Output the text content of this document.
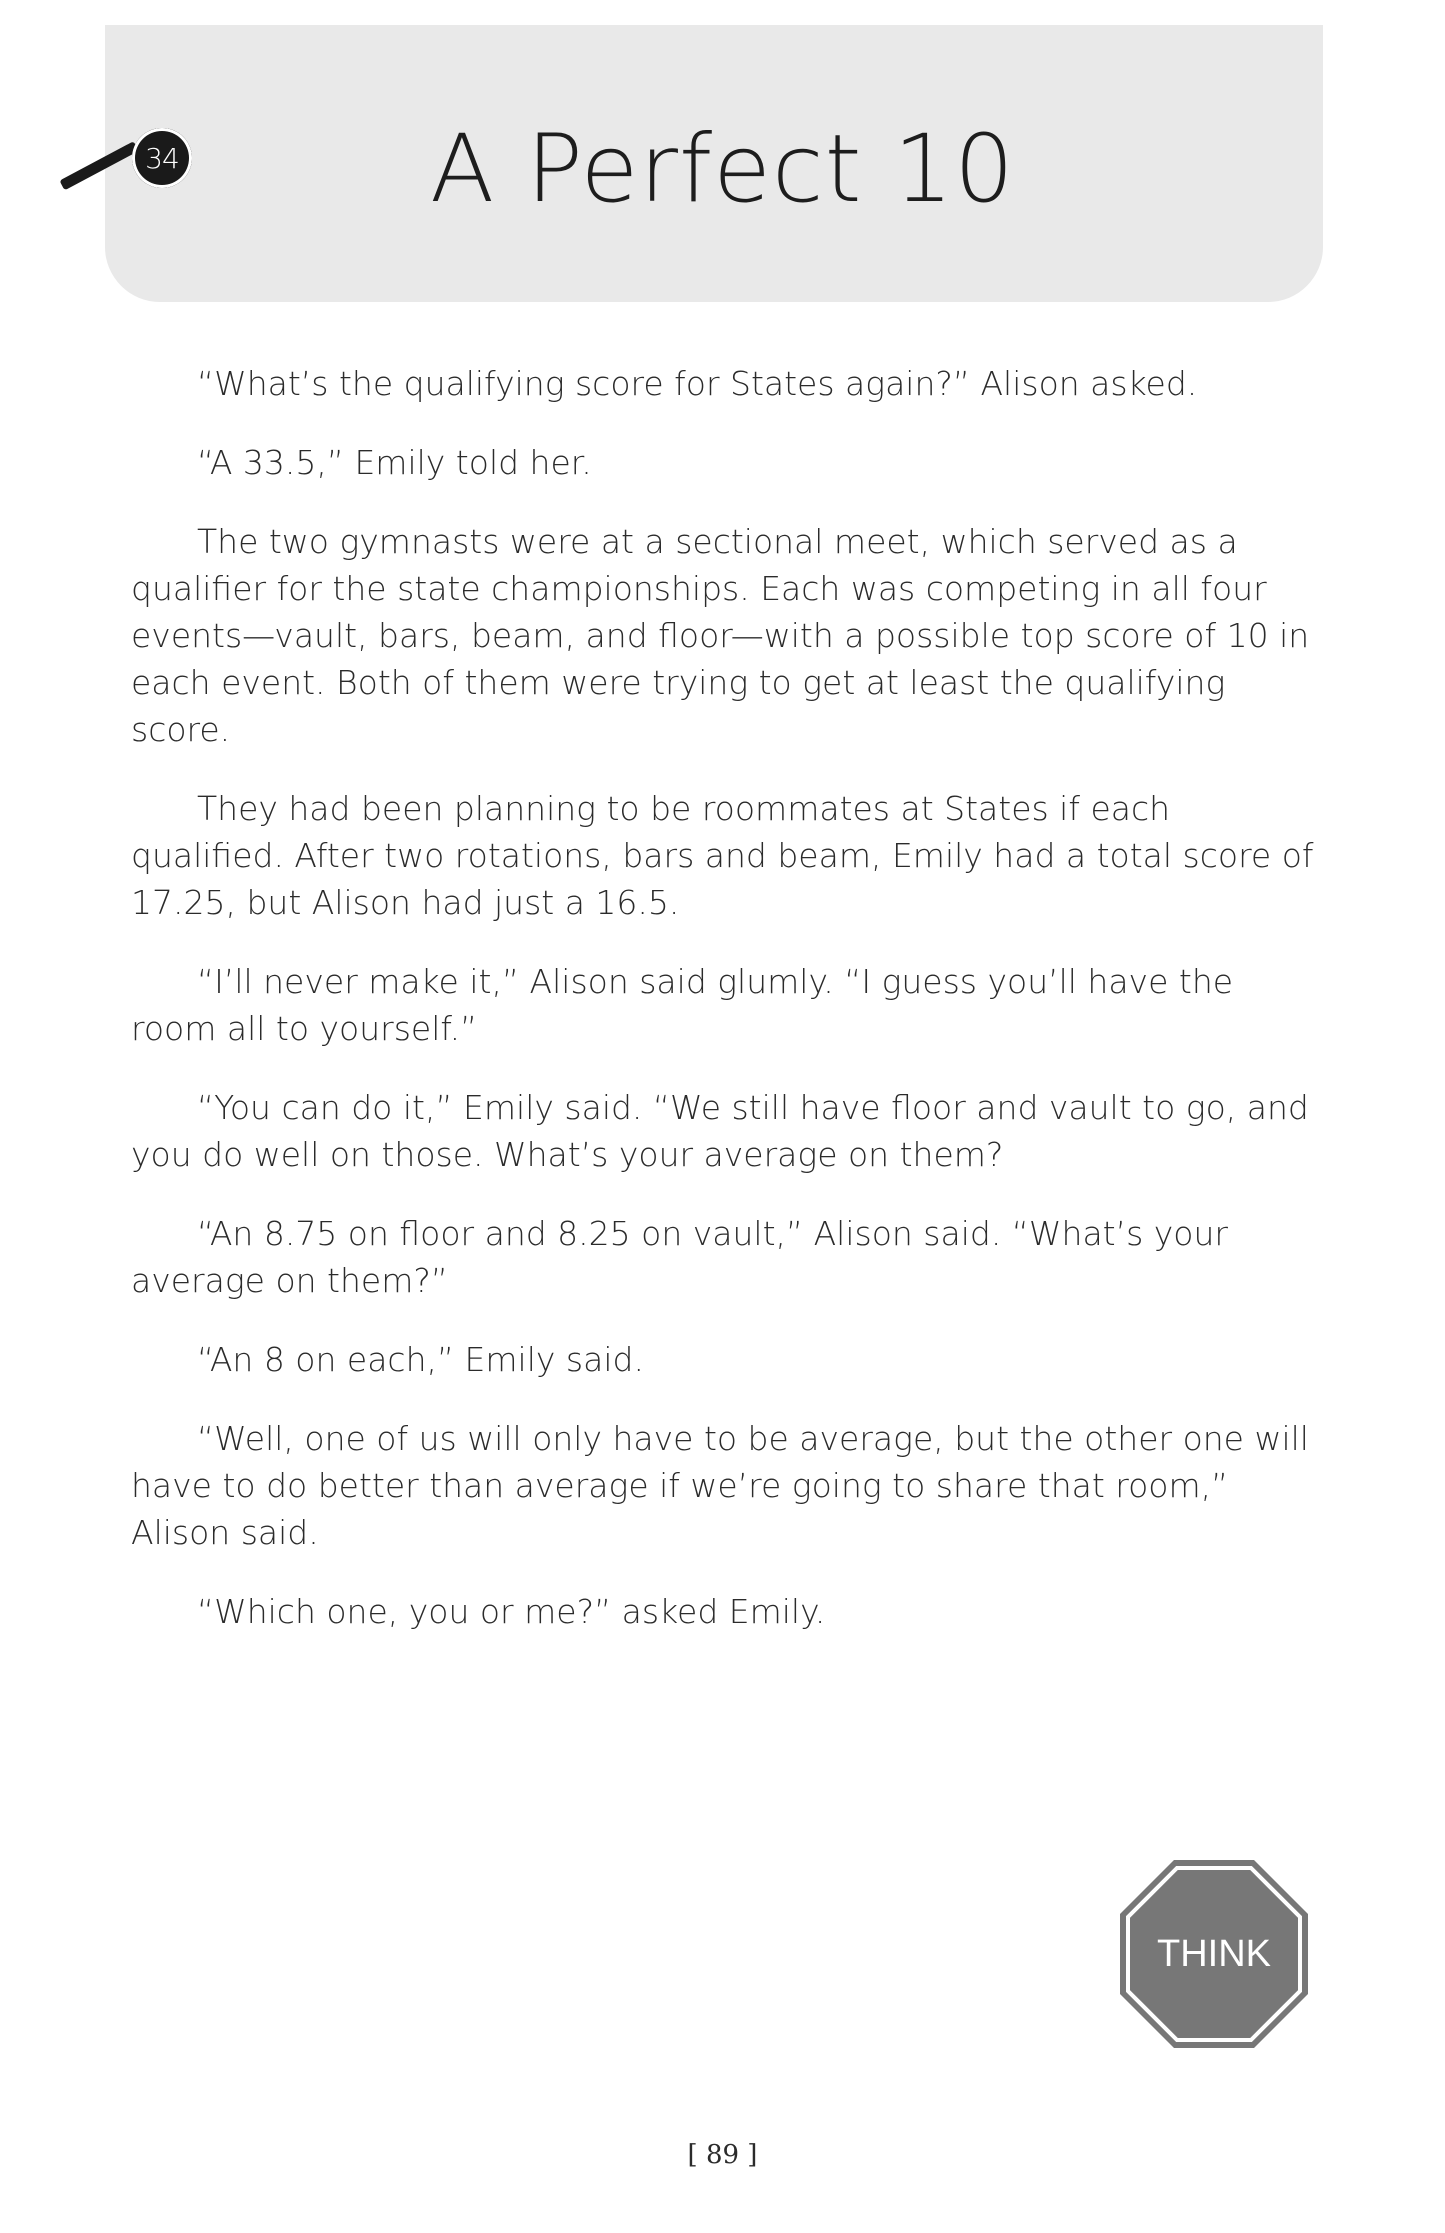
34	A Perfect 10

“What’s the qualifying score for States again?” Alison asked.

“A 33.5,” Emily told her.

The two gymnasts were at a sectional meet, which served as a qualifier for the state championships. Each was competing in all four events—vault, bars, beam, and floor—with a possible top score of 10 in each event. Both of them were trying to get at least the qualifying score.

They had been planning to be roommates at States if each qualified. After two rotations, bars and beam, Emily had a total score of 17.25, but Alison had just a 16.5.

“I’ll never make it,” Alison said glumly. “I guess you’ll have the room all to yourself.”

“You can do it,” Emily said. “We still have floor and vault to go, and you do well on those. What’s your average on them?

“An 8.75 on floor and 8.25 on vault,” Alison said. “What’s your average on them?”

“An 8 on each,” Emily said.

“Well, one of us will only have to be average, but the other one will have to do better than average if we’re going to share that room,” Alison said.

“Which one, you or me?” asked Emily.

THINK
[ 89 ]
